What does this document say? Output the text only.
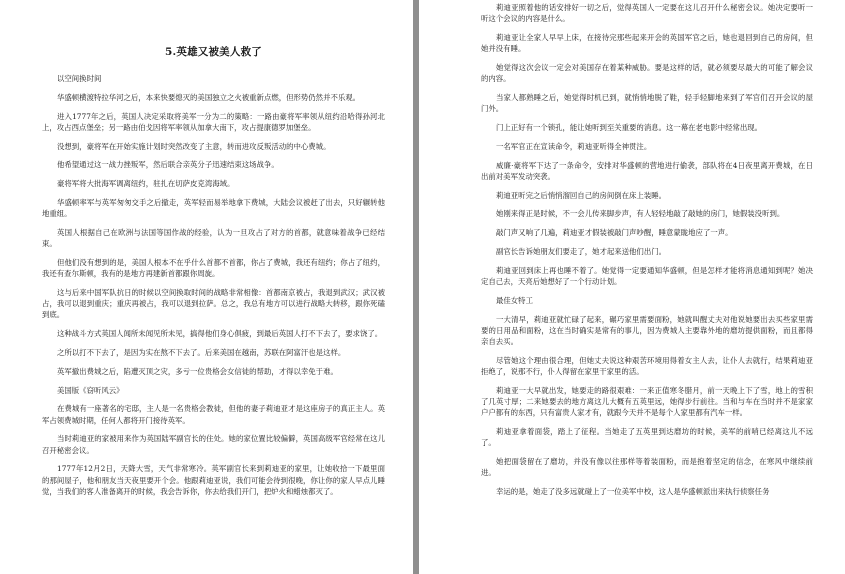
5.英雄又被美人救了

以空间换时间

华盛顿横渡特拉华河之后，本来快要熄灭的美国独立之火被重新点燃，但形势仍然并不乐观。

进入1777年之后，英国人决定采取将美军一分为二的策略：一路由豪将军率领从纽约沿哈得孙河北上，攻占西点堡垒；另一路由伯戈因将军率领从加拿大南下，攻占提康德罗加堡垒。

没想到，豪将军在开始实施计划时突然改变了主意，转而进攻反叛活动的中心费城。

他希望通过这一战力挫叛军，然后联合亲英分子迅速结束这场战争。

豪将军将大批海军调离纽约，驻扎在切萨皮克湾海域。

华盛顿率军与英军匆匆交手之后撤走，英军轻而易举地拿下费城，大陆会议被赶了出去，只好辗转他地重组。

英国人根据自己在欧洲与法国等国作战的经验，认为一旦攻占了对方的首都，就意味着战争已经结束。

但他们没有想到的是，美国人根本不在乎什么首都不首都，你占了费城，我还有纽约；你占了纽约，我还有查尔斯顿，我有的是地方再建新首都跟你周旋。

这与后来中国军队抗日的时候以空间换取时间的战略非常相像：首都南京被占，我退到武汉；武汉被占，我可以退到重庆；重庆再被占，我可以退到拉萨。总之，我总有地方可以进行战略大转移，跟你死磕到底。

这种战斗方式英国人闻所未闻见所未见，搞得他们身心俱疲，到最后英国人打不下去了，要求饶了。

之所以打不下去了，是因为实在熬不下去了。后来美国在越南，苏联在阿富汗也是这样。

英军撤出费城之后，陷遭灭顶之灾，多亏一位贵格会女信徒的帮助，才得以幸免于难。

美国版《窃听风云》

在费城有一座著名的宅邸，主人是一名贵格会教徒，但他的妻子莉迪亚才是这座房子的真正主人。英军占领费城时期，任何人都将开门接待英军。

当时莉迪亚的家被用来作为英国陆军副官长的住处。她的家位置比较偏僻，英国高级军官经常在这儿召开秘密会议。

1777年12月2日，天降大雪，天气非常寒冷。英军副官长来到莉迪亚的家里，让她收拾一下最里面的那间屋子，他和朋友当天夜里要开个会。他跟莉迪亚说，我们可能会待到很晚，你让你的家人早点儿睡觉，当我们的客人准备离开的时候，我会告诉你，你去给我们开门，把炉火和蜡烛都灭了。

莉迪亚照着他的话安排好一切之后，觉得英国人一定要在这儿召开什么秘密会议。她决定要听一听这个会议的内容是什么。

莉迪亚让全家人早早上床，在接待完那些起来开会的英国军官之后，她也退回到自己的房间，但她并没有睡。

她觉得这次会议一定会对美国存在着某种威胁。要是这样的话，就必须要尽最大的可能了解会议的内容。

当家人都熟睡之后，她觉得时机已到，就悄悄地脱了鞋，轻手轻脚地来到了军官们召开会议的屋门外。

门上正好有一个锁孔，能让她听到至关重要的消息。这一幕在老电影中经常出现。

一名军官正在宣读命令，莉迪亚听得全神贯注。

威廉·豪将军下达了一条命令，安排对华盛顿的营地进行偷袭，部队将在4日夜里离开费城，在日出前对美军发动突袭。

莉迪亚听完之后悄悄溜回自己的房间倒在床上装睡。

她刚来得正是时候，不一会儿传来脚步声，有人轻轻地敲了敲她的房门，她假装没听到。

敲门声又响了几遍，莉迪亚才假装被敲门声吵醒，睡意蒙眬地应了一声。

副官长告诉她朋友们要走了，她才起来送他们出门。

莉迪亚回到床上再也睡不着了。她觉得一定要通知华盛顿，但是怎样才能将消息通知到呢？她决定自己去，天亮后她想好了一个行动计划。

最佳女特工

一大清早，莉迪亚就忙碌了起来，碾巧家里需要面粉，她就叫醒丈夫对他说她要出去买些家里需要的日用品和面粉，这在当时确实是常有的事儿，因为费城人主要靠外地的磨坊提供面粉，而且都得亲自去买。

尽管她这个理由很合理，但她丈夫说这种艰苦环境用得着女主人去，让仆人去就行，结果莉迪亚拒绝了，说那不行，仆人得留在家里干家里的活。

莉迪亚一大早就出发，她要走的路很艰难：一来正值寒冬腊月，前一天晚上下了雪，地上的雪积了几英寸厚；二来她要去的地方离这儿大概有五英里远，她得步行前往。当和与车在当时并不是家家户户都有的东西，只有富贵人家才有，就跟今天并不是每个人家里都有汽车一样。

莉迪亚拿着面袋，踏上了征程。当她走了五英里到达磨坊的时候，美军的前哨已经离这儿不远了。

她把面袋留在了磨坊，并没有像以往那样等着装面粉，而是抱着坚定的信念，在寒风中继续前进。

幸运的是，她走了没多远就碰上了一位美军中校，这人是华盛顿派出来执行侦察任务
